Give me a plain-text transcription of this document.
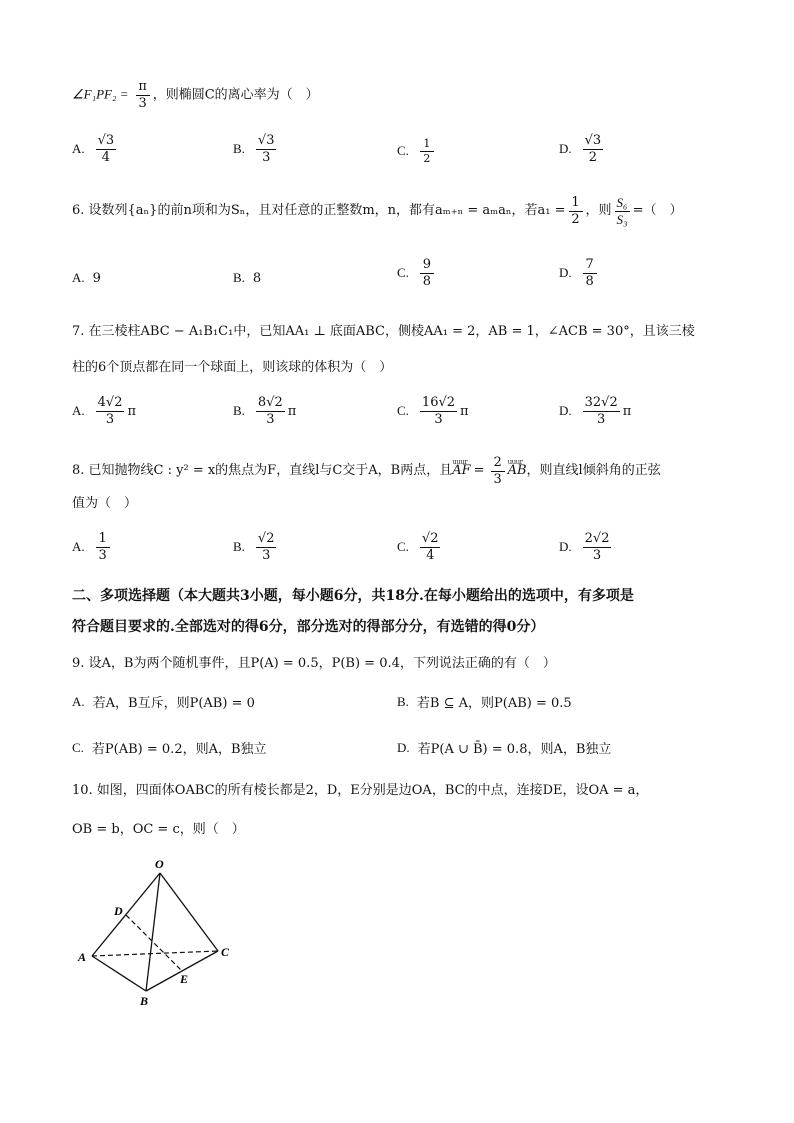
∠F₁PF₂ = $\frac{\pi}{3}$ ，则椭圆C的离心率为（　）
A. $\frac{√3}{4}$	B. $\frac{√3}{3}$	C. $\frac{1}{2}$	D. $\frac{√3}{2}$
6. 设数列{aₙ}的前n项和为Sₙ，且对任意的正整数m，n，都有aₘ₊ₙ = aₘaₙ，若$a_1 = \frac{1}{2}$ ，则 $\frac{\text{S₆}}{\text{S₃}}$ =（　）
A. 9	B. 8	C. $\frac{9}{8}$	D. $\frac{7}{8}$
7. 在三棱柱ABC − A₁B₁C₁中，已知AA₁ ⊥ 底面ABC，侧棱AA₁ = 2，AB = 1，∠ACB = 30°，且该三棱
柱的6个顶点都在同一个球面上，则该球的体积为（　）
A. $\frac{4√2}{3}$ π	B. $\frac{8√2}{3}$ π	C. $\frac{16√2}{3}$ π	D. $\frac{32√2}{3}$ π
8. 已知抛物线C : y² = x的焦点为F，直线l与C交于A，B两点，且 uuur AF = $\frac{2}{3}$ uuur AB ，则直线l倾斜角的正弦
值为（　）
A. $\frac{1}{3}$	B. $\frac{√2}{3}$	C. $\frac{√2}{4}$	D. $\frac{2√2}{3}$
二、多项选择题（本大题共3小题，每小题6分，共18分.在每小题给出的选项中，有多项是
符合题目要求的.全部选对的得6分，部分选对的得部分分，有选错的得0分）
9. 设A，B为两个随机事件，且P(A) = 0.5，P(B) = 0.4，下列说法正确的有（　）
A. 若A，B互斥，则P(AB) = 0	B. 若B ⊆ A，则P(AB) = 0.5
C. 若P(AB) = 0.2，则A，B独立	D. 若P(A ∪ B̄) = 0.8，则A，B独立
10. 如图，四面体OABC的所有棱长都是2，D，E分别是边OA，BC的中点，连接DE，设OA = a，
OB = b，OC = c，则（　）
O
A
B
C
D
E
